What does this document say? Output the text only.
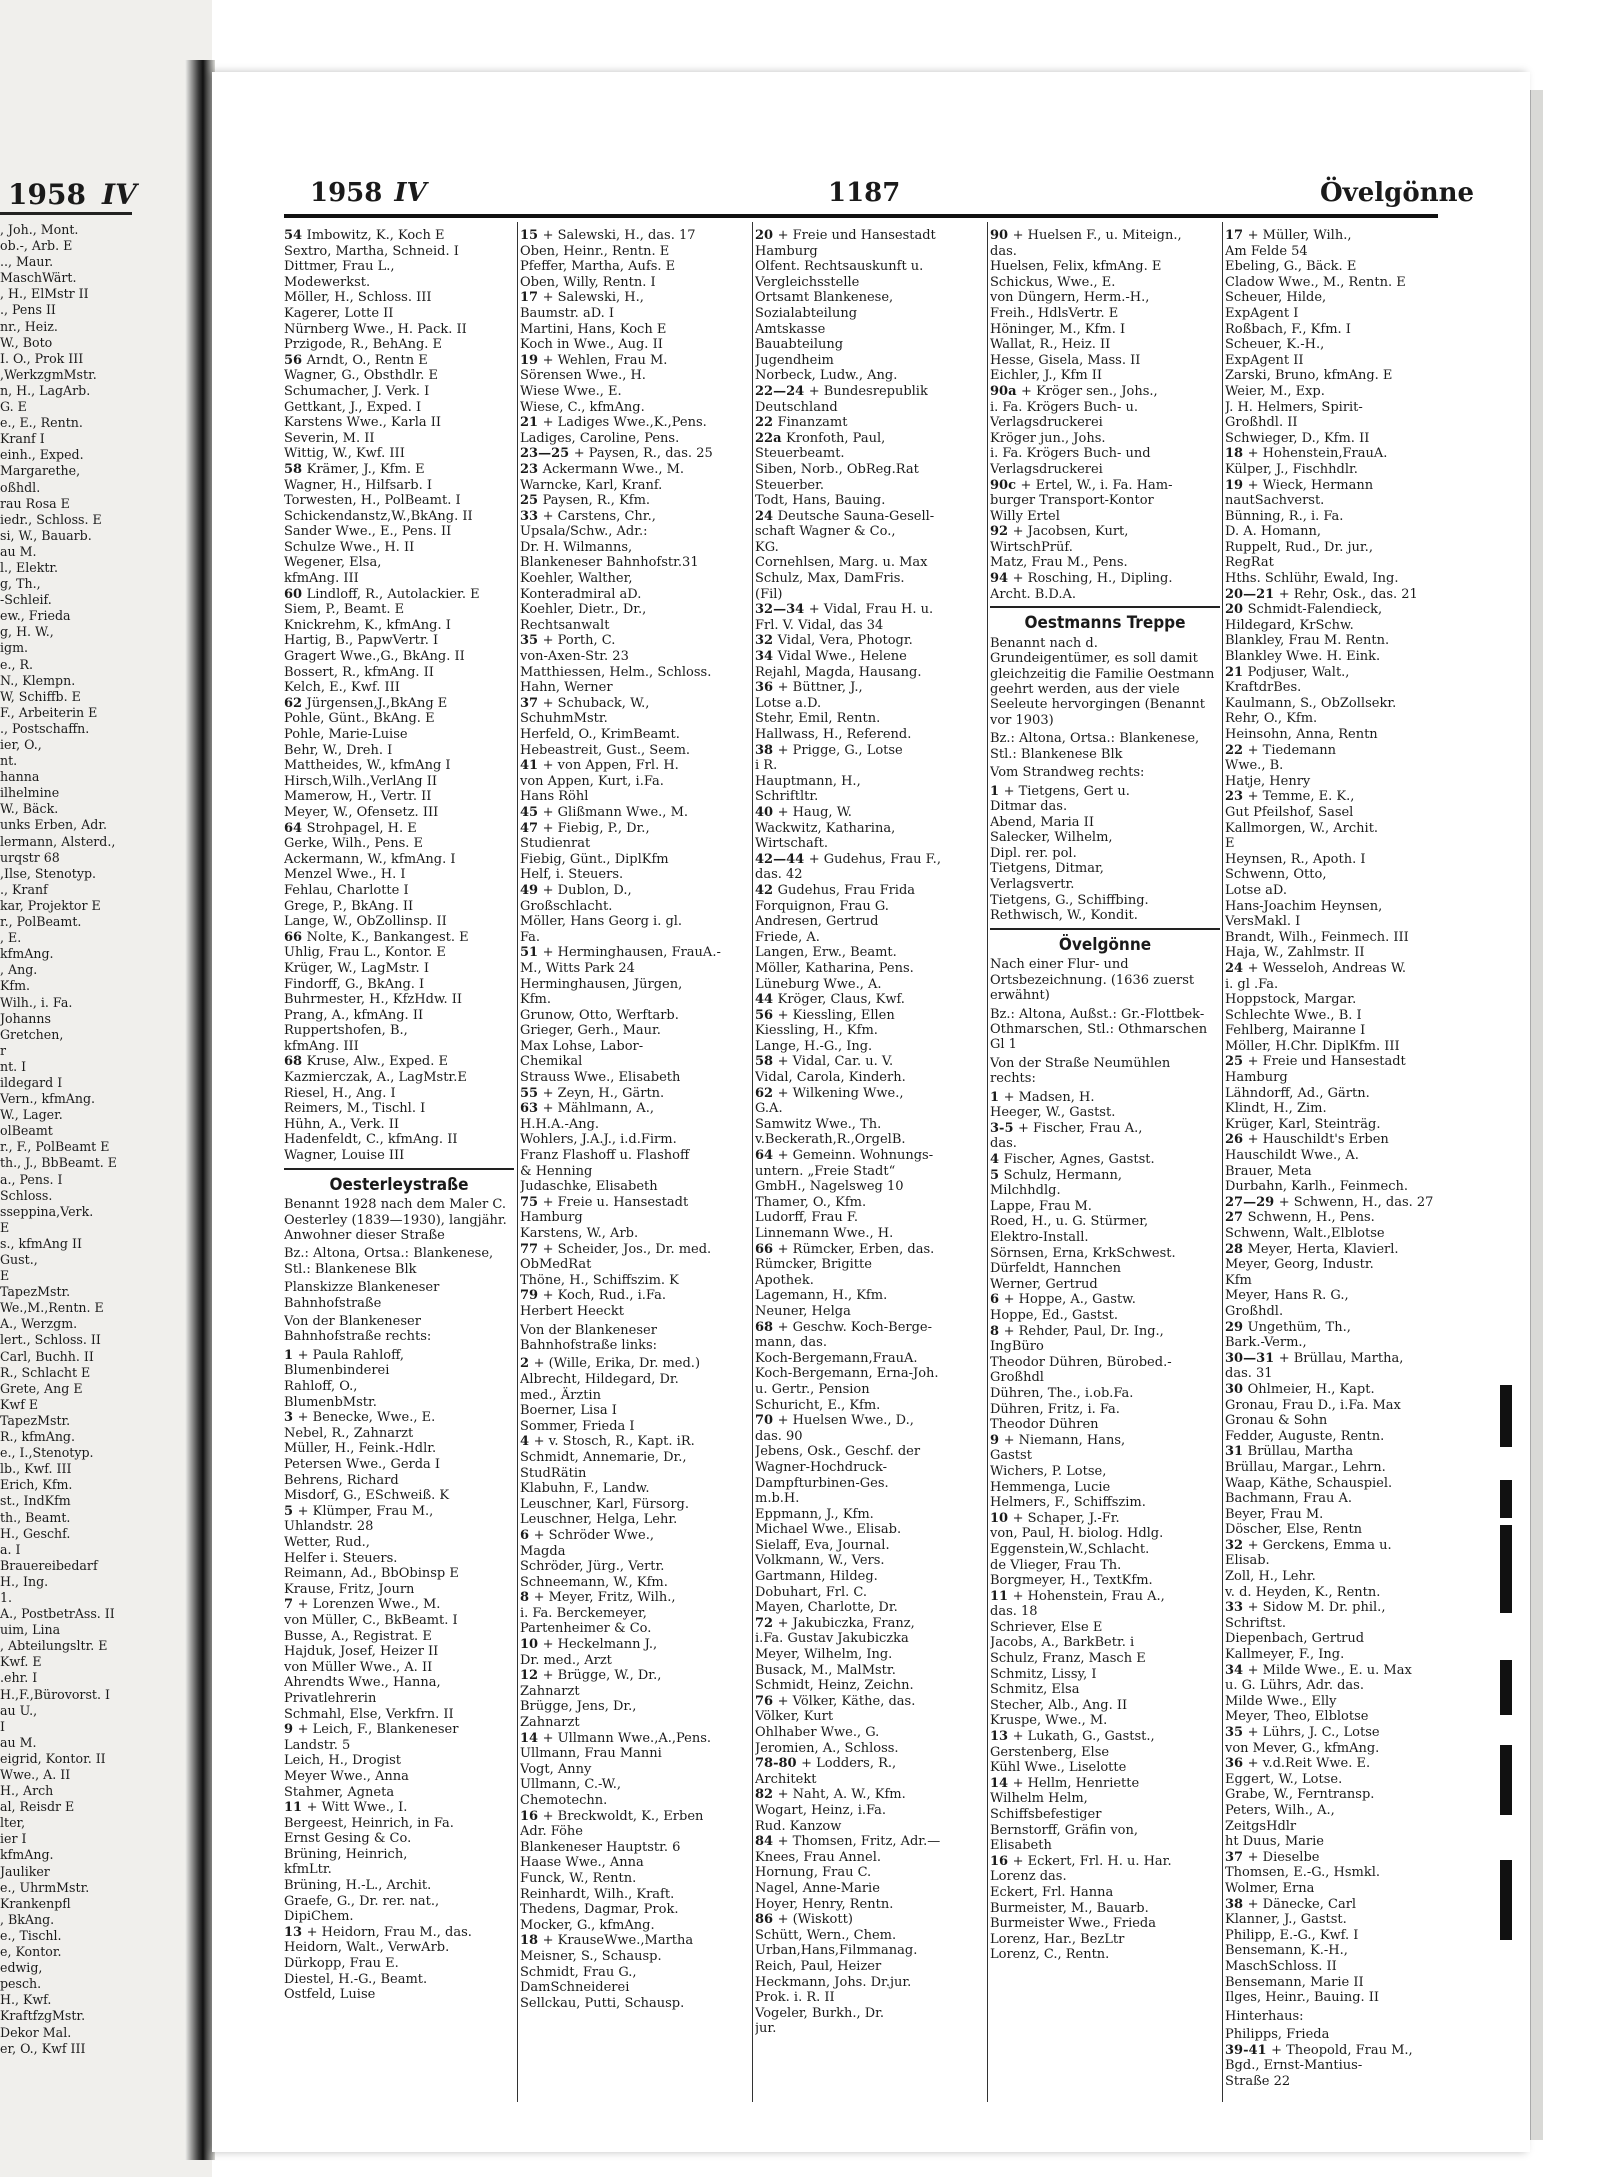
1958 IV
, Joh., Mont.
ob.-, Arb. E
.., Maur.
MaschWärt.
, H., ElMstr II
., Pens II
nr., Heiz.
W., Boto
I. O., Prok III
,WerkzgmMstr.
n, H., LagArb.
G. E
e., E., Rentn.
Kranf I
einh., Exped.
Margarethe,
oßhdl.
rau Rosa E
iedr., Schloss. E
si, W., Bauarb.
au M.
l., Elektr.
g, Th.,
-Schleif.
ew., Frieda
g, H. W.,
igm.
e., R.
N., Klempn.
W, Schiffb. E
F., Arbeiterin E
., Postschaffn.
ier, O.,
nt.
hanna
ilhelmine
W., Bäck.
unks Erben, Adr.
lermann, Alsterd.,
urqstr 68
,Ilse, Stenotyp.
., Kranf
kar, Projektor E
r., PolBeamt.
, E.
kfmAng.
, Ang.
Kfm.
Wilh., i. Fa.
Johanns
Gretchen,
r
nt. I
ildegard I
Vern., kfmAng.
W., Lager.
olBeamt
r., F., PolBeamt E
th., J., BbBeamt. E
a., Pens. I
Schloss.
sseppina,Verk.
E
s., kfmAng II
Gust.,
E
TapezMstr.
We.,M.,Rentn. E
A., Werzgm.
lert., Schloss. II
Carl, Buchh. II
R., Schlacht E
Grete, Ang E
Kwf E
TapezMstr.
R., kfmAng.
e., I.,Stenotyp.
lb., Kwf. III
Erich, Kfm.
st., IndKfm
th., Beamt.
H., Geschf.
a. I
Brauereibedarf
H., Ing.
1.
A., PostbetrAss. II
uim, Lina
, Abteilungsltr. E
Kwf. E
.ehr. I
H.,F.,Bürovorst. I
au U.,
I
au M.
eigrid, Kontor. II
Wwe., A. II
H., Arch
al, Reisdr E
lter,
ier I
kfmAng.
Jauliker
e., UhrmMstr.
Krankenpfl
, BkAng.
e., Tischl.
e, Kontor.
edwig,
pesch.
H., Kwf.
KraftfzgMstr.
Dekor Mal.
er, O., Kwf III
1958 IV	1187	Övelgönne
54 Imbowitz, K., Koch E
Sextro, Martha, Schneid. I
Dittmer, Frau L.,
Modewerkst.
Möller, H., Schloss. III
Kagerer, Lotte II
Nürnberg Wwe., H. Pack. II
Przigode, R., BehAng. E
56 Arndt, O., Rentn E
Wagner, G., Obsthdlr. E
Schumacher, J. Verk. I
Gettkant, J., Exped. I
Karstens Wwe., Karla II
Severin, M. II
Wittig, W., Kwf. III
58 Krämer, J., Kfm. E
Wagner, H., Hilfsarb. I
Torwesten, H., PolBeamt. I
Schickendanstz,W.,BkAng. II
Sander Wwe., E., Pens. II
Schulze Wwe., H. II
Wegener, Elsa,
kfmAng. III
60 Lindloff, R., Autolackier. E
Siem, P., Beamt. E
Knickrehm, K., kfmAng. I
Hartig, B., PapwVertr. I
Gragert Wwe.,G., BkAng. II
Bossert, R., kfmAng. II
Kelch, E., Kwf. III
62 Jürgensen,J.,BkAng E
Pohle, Günt., BkAng. E
Pohle, Marie-Luise
Behr, W., Dreh. I
Mattheides, W., kfmAng I
Hirsch,Wilh.,VerlAng II
Mamerow, H., Vertr. II
Meyer, W., Ofensetz. III
64 Strohpagel, H. E
Gerke, Wilh., Pens. E
Ackermann, W., kfmAng. I
Menzel Wwe., H. I
Fehlau, Charlotte I
Grege, P., BkAng. II
Lange, W., ObZollinsp. II
66 Nolte, K., Bankangest. E
Uhlig, Frau L., Kontor. E
Krüger, W., LagMstr. I
Findorff, G., BkAng. I
Buhrmester, H., KfzHdw. II
Prang, A., kfmAng. II
Ruppertshofen, B.,
kfmAng. III
68 Kruse, Alw., Exped. E
Kazmierczak, A., LagMstr.E
Riesel, H., Ang. I
Reimers, M., Tischl. I
Hühn, A., Verk. II
Hadenfeldt, C., kfmAng. II
Wagner, Louise III
Oesterleystraße

Benannt 1928 nach dem Maler C. Oesterley (1839—1930), langjähr. Anwohner dieser Straße

Bz.: Altona, Ortsa.: Blankenese, Stl.: Blankenese Blk

Planskizze Blankeneser Bahnhofstraße

Von der Blankeneser Bahnhofstraße rechts:

1 + Paula Rahloff,
Blumenbinderei
Rahloff, O.,
BlumenbMstr.
3 + Benecke, Wwe., E.
Nebel, R., Zahnarzt
Müller, H., Feink.-Hdlr.
Petersen Wwe., Gerda I
Behrens, Richard
Misdorf, G., ESchweiß. K
5 + Klümper, Frau M.,
Uhlandstr. 28
Wetter, Rud.,
Helfer i. Steuers.
Reimann, Ad., BbObinsp E
Krause, Fritz, Journ
7 + Lorenzen Wwe., M.
von Müller, C., BkBeamt. I
Busse, A., Registrat. E
Hajduk, Josef, Heizer II
von Müller Wwe., A. II
Ahrendts Wwe., Hanna,
Privatlehrerin
Schmahl, Else, Verkfrn. II
9 + Leich, F., Blankeneser
Landstr. 5
Leich, H., Drogist
Meyer Wwe., Anna
Stahmer, Agneta
11 + Witt Wwe., I.
Bergeest, Heinrich, in Fa.
Ernst Gesing & Co.
Brüning, Heinrich,
kfmLtr.
Brüning, H.-L., Archit.
Graefe, G., Dr. rer. nat.,
DipiChem.
13 + Heidorn, Frau M., das.
Heidorn, Walt., VerwArb.
Dürkopp, Frau E.
Diestel, H.-G., Beamt.
Ostfeld, Luise
15 + Salewski, H., das. 17
Oben, Heinr., Rentn. E
Pfeffer, Martha, Aufs. E
Oben, Willy, Rentn. I
17 + Salewski, H.,
Baumstr. aD. I
Martini, Hans, Koch E
Koch in Wwe., Aug. II
19 + Wehlen, Frau M.
Sörensen Wwe., H.
Wiese Wwe., E.
Wiese, C., kfmAng.
21 + Ladiges Wwe.,K.,Pens.
Ladiges, Caroline, Pens.
23—25 + Paysen, R., das. 25
23 Ackermann Wwe., M.
Warncke, Karl, Kranf.
25 Paysen, R., Kfm.
33 + Carstens, Chr.,
Upsala/Schw., Adr.:
Dr. H. Wilmanns,
Blankeneser Bahnhofstr.31
Koehler, Walther,
Konteradmiral aD.
Koehler, Dietr., Dr.,
Rechtsanwalt
35 + Porth, C.
von-Axen-Str. 23
Matthiessen, Helm., Schloss.
Hahn, Werner
37 + Schuback, W.,
SchuhmMstr.
Herfeld, O., KrimBeamt.
Hebeastreit, Gust., Seem.
41 + von Appen, Frl. H.
von Appen, Kurt, i.Fa.
Hans Röhl
45 + Glißmann Wwe., M.
47 + Fiebig, P., Dr.,
Studienrat
Fiebig, Günt., DiplKfm
Helf, i. Steuers.
49 + Dublon, D.,
Großschlacht.
Möller, Hans Georg i. gl.
Fa.
51 + Herminghausen, FrauA.-
M., Witts Park 24
Herminghausen, Jürgen,
Kfm.
Grunow, Otto, Werftarb.
Grieger, Gerh., Maur.
Max Lohse, Labor-
Chemikal
Strauss Wwe., Elisabeth
55 + Zeyn, H., Gärtn.
63 + Mählmann, A.,
H.H.A.-Ang.
Wohlers, J.A.J., i.d.Firm.
Franz Flashoff u. Flashoff
& Henning
Judaschke, Elisabeth
75 + Freie u. Hansestadt
Hamburg
Karstens, W., Arb.
77 + Scheider, Jos., Dr. med.
ObMedRat
Thöne, H., Schiffszim. K
79 + Koch, Rud., i.Fa.
Herbert Heeckt

Von der Blankeneser Bahnhofstraße links:

2 + (Wille, Erika, Dr. med.)
Albrecht, Hildegard, Dr.
med., Ärztin
Boerner, Lisa I
Sommer, Frieda I
4 + v. Stosch, R., Kapt. iR.
Schmidt, Annemarie, Dr.,
StudRätin
Klabuhn, F., Landw.
Leuschner, Karl, Fürsorg.
Leuschner, Helga, Lehr.
6 + Schröder Wwe.,
Magda
Schröder, Jürg., Vertr.
Schneemann, W., Kfm.
8 + Meyer, Fritz, Wilh.,
i. Fa. Berckemeyer,
Partenheimer & Co.
10 + Heckelmann J.,
Dr. med., Arzt
12 + Brügge, W., Dr.,
Zahnarzt
Brügge, Jens, Dr.,
Zahnarzt
14 + Ullmann Wwe.,A.,Pens.
Ullmann, Frau Manni
Vogt, Anny
Ullmann, C.-W.,
Chemotechn.
16 + Breckwoldt, K., Erben
Adr. Föhe
Blankeneser Hauptstr. 6
Haase Wwe., Anna
Funck, W., Rentn.
Reinhardt, Wilh., Kraft.
Thedens, Dagmar, Prok.
Mocker, G., kfmAng.
18 + KrauseWwe.,Martha
Meisner, S., Schausp.
Schmidt, Frau G.,
DamSchneiderei
Sellckau, Putti, Schausp.
20 + Freie und Hansestadt
Hamburg
Olfent. Rechtsauskunft u.
Vergleichsstelle
Ortsamt Blankenese,
Sozialabteilung
Amtskasse
Bauabteilung
Jugendheim
Norbeck, Ludw., Ang.
22—24 + Bundesrepublik
Deutschland
22 Finanzamt
22a Kronfoth, Paul,
Steuerbeamt.
Siben, Norb., ObReg.Rat
Steuerber.
Todt, Hans, Bauing.
24 Deutsche Sauna-Gesell-
schaft Wagner & Co.,
KG.
Cornehlsen, Marg. u. Max
Schulz, Max, DamFris.
(Fil)
32—34 + Vidal, Frau H. u.
Frl. V. Vidal, das 34
32 Vidal, Vera, Photogr.
34 Vidal Wwe., Helene
Rejahl, Magda, Hausang.
36 + Büttner, J.,
Lotse a.D.
Stehr, Emil, Rentn.
Hallwass, H., Referend.
38 + Prigge, G., Lotse
i R.
Hauptmann, H.,
Schriftltr.
40 + Haug, W.
Wackwitz, Katharina,
Wirtschaft.
42—44 + Gudehus, Frau F.,
das. 42
42 Gudehus, Frau Frida
Forquignon, Frau G.
Andresen, Gertrud
Friede, A.
Langen, Erw., Beamt.
Möller, Katharina, Pens.
Lüneburg Wwe., A.
44 Kröger, Claus, Kwf.
56 + Kiessling, Ellen
Kiessling, H., Kfm.
Lange, H.-G., Ing.
58 + Vidal, Car. u. V.
Vidal, Carola, Kinderh.
62 + Wilkening Wwe.,
G.A.
Samwitz Wwe., Th.
v.Beckerath,R.,OrgelB.
64 + Gemeinn. Wohnungs-
untern. „Freie Stadt“
GmbH., Nagelsweg 10
Thamer, O., Kfm.
Ludorff, Frau F.
Linnemann Wwe., H.
66 + Rümcker, Erben, das.
Rümcker, Brigitte
Apothek.
Lagemann, H., Kfm.
Neuner, Helga
68 + Geschw. Koch-Berge-
mann, das.
Koch-Bergemann,FrauA.
Koch-Bergemann, Erna-Joh.
u. Gertr., Pension
Schuricht, E., Kfm.
70 + Huelsen Wwe., D.,
das. 90
Jebens, Osk., Geschf. der
Wagner-Hochdruck-
Dampfturbinen-Ges.
m.b.H.
Eppmann, J., Kfm.
Michael Wwe., Elisab.
Sielaff, Eva, Journal.
Volkmann, W., Vers.
Gartmann, Hildeg.
Dobuhart, Frl. C.
Mayen, Charlotte, Dr.
72 + Jakubiczka, Franz,
i.Fa. Gustav Jakubiczka
Meyer, Wilhelm, Ing.
Busack, M., MalMstr.
Schmidt, Heinz, Zeichn.
76 + Völker, Käthe, das.
Völker, Kurt
Ohlhaber Wwe., G.
Jeromien, A., Schloss.
78-80 + Lodders, R.,
Architekt
82 + Naht, A. W., Kfm.
Wogart, Heinz, i.Fa.
Rud. Kanzow
84 + Thomsen, Fritz, Adr.—
Knees, Frau Annel.
Hornung, Frau C.
Nagel, Anne-Marie
Hoyer, Henry, Rentn.
86 + (Wiskott)
Schütt, Wern., Chem.
Urban,Hans,Filmmanag.
Reich, Paul, Heizer
Heckmann, Johs. Dr.jur.
Prok. i. R. II
Vogeler, Burkh., Dr.
jur.
90 + Huelsen F., u. Miteign.,
das.
Huelsen, Felix, kfmAng. E
Schickus, Wwe., E.
von Düngern, Herm.-H.,
Freih., HdlsVertr. E
Höninger, M., Kfm. I
Wallat, R., Heiz. II
Hesse, Gisela, Mass. II
Eichler, J., Kfm II
90a + Kröger sen., Johs.,
i. Fa. Krögers Buch- u.
Verlagsdruckerei
Kröger jun., Johs.
i. Fa. Krögers Buch- und
Verlagsdruckerei
90c + Ertel, W., i. Fa. Ham-
burger Transport-Kontor
Willy Ertel
92 + Jacobsen, Kurt,
WirtschPrüf.
Matz, Frau M., Pens.
94 + Rosching, H., Dipling.
Archt. B.D.A.
Oestmanns Treppe

Benannt nach d. Grundeigentümer, es soll damit gleichzeitig die Familie Oestmann geehrt werden, aus der viele Seeleute hervorgingen (Benannt vor 1903)

Bz.: Altona, Ortsa.: Blankenese, Stl.: Blankenese Blk

Vom Strandweg rechts:

1 + Tietgens, Gert u.
Ditmar das.
Abend, Maria II
Salecker, Wilhelm,
Dipl. rer. pol.
Tietgens, Ditmar,
Verlagsvertr.
Tietgens, G., Schiffbing.
Rethwisch, W., Kondit.
Övelgönne

Nach einer Flur- und Ortsbezeichnung. (1636 zuerst erwähnt)

Bz.: Altona, Außst.: Gr.-Flottbek-Othmarschen, Stl.: Othmarschen Gl 1

Von der Straße Neumühlen rechts:

1 + Madsen, H.
Heeger, W., Gastst.
3-5 + Fischer, Frau A.,
das.
4 Fischer, Agnes, Gastst.
5 Schulz, Hermann,
Milchhdlg.
Lappe, Frau M.
Roed, H., u. G. Stürmer,
Elektro-Install.
Sörnsen, Erna, KrkSchwest.
Dürfeldt, Hannchen
Werner, Gertrud
6 + Hoppe, A., Gastw.
Hoppe, Ed., Gastst.
8 + Rehder, Paul, Dr. Ing.,
IngBüro
Theodor Dühren, Bürobed.-
Großhdl
Dühren, The., i.ob.Fa.
Dühren, Fritz, i. Fa.
Theodor Dühren
9 + Niemann, Hans,
Gastst
Wichers, P. Lotse,
Hemmenga, Lucie
Helmers, F., Schiffszim.
10 + Schaper, J.-Fr.
von, Paul, H. biolog. Hdlg.
Eggenstein,W.,Schlacht.
de Vlieger, Frau Th.
Borgmeyer, H., TextKfm.
11 + Hohenstein, Frau A.,
das. 18
Schriever, Else E
Jacobs, A., BarkBetr. i
Schulz, Franz, Masch E
Schmitz, Lissy, I
Schmitz, Elsa
Stecher, Alb., Ang. II
Kruspe, Wwe., M.
13 + Lukath, G., Gastst.,
Gerstenberg, Else
Kühl Wwe., Liselotte
14 + Hellm, Henriette
Wilhelm Helm,
Schiffsbefestiger
Bernstorff, Gräfin von,
Elisabeth
16 + Eckert, Frl. H. u. Har.
Lorenz das.
Eckert, Frl. Hanna
Burmeister, M., Bauarb.
Burmeister Wwe., Frieda
Lorenz, Har., BezLtr
Lorenz, C., Rentn.
17 + Müller, Wilh.,
Am Felde 54
Ebeling, G., Bäck. E
Cladow Wwe., M., Rentn. E
Scheuer, Hilde,
ExpAgent I
Roßbach, F., Kfm. I
Scheuer, K.-H.,
ExpAgent II
Zarski, Bruno, kfmAng. E
Weier, M., Exp.
J. H. Helmers, Spirit-
Großhdl. II
Schwieger, D., Kfm. II
18 + Hohenstein,FrauA.
Külper, J., Fischhdlr.
19 + Wieck, Hermann
nautSachverst.
Bünning, R., i. Fa.
D. A. Homann,
Ruppelt, Rud., Dr. jur.,
RegRat
Hths. Schlühr, Ewald, Ing.
20—21 + Rehr, Osk., das. 21
20 Schmidt-Falendieck,
Hildegard, KrSchw.
Blankley, Frau M. Rentn.
Blankley Wwe. H. Eink.
21 Podjuser, Walt.,
KraftdrBes.
Kaulmann, S., ObZollsekr.
Rehr, O., Kfm.
Heinsohn, Anna, Rentn
22 + Tiedemann
Wwe., B.
Hatje, Henry
23 + Temme, E. K.,
Gut Pfeilshof, Sasel
Kallmorgen, W., Archit.
E
Heynsen, R., Apoth. I
Schwenn, Otto,
Lotse aD.
Hans-Joachim Heynsen,
VersMakl. I
Brandt, Wilh., Feinmech. III
Haja, W., Zahlmstr. II
24 + Wesseloh, Andreas W.
i. gl .Fa.
Hoppstock, Margar.
Schlechte Wwe., B. I
Fehlberg, Mairanne I
Möller, H.Chr. DiplKfm. III
25 + Freie und Hansestadt
Hamburg
Lähndorff, Ad., Gärtn.
Klindt, H., Zim.
Krüger, Karl, Steinträg.
26 + Hauschildt's Erben
Hauschildt Wwe., A.
Brauer, Meta
Durbahn, Karlh., Feinmech.
27—29 + Schwenn, H., das. 27
27 Schwenn, H., Pens.
Schwenn, Walt.,Elblotse
28 Meyer, Herta, Klavierl.
Meyer, Georg, Industr.
Kfm
Meyer, Hans R. G.,
Großhdl.
29 Ungethüm, Th.,
Bark.-Verm.,
30—31 + Brüllau, Martha,
das. 31
30 Ohlmeier, H., Kapt.
Gronau, Frau D., i.Fa. Max
Gronau & Sohn
Fedder, Auguste, Rentn.
31 Brüllau, Martha
Brüllau, Margar., Lehrn.
Waap, Käthe, Schauspiel.
Bachmann, Frau A.
Beyer, Frau M.
Döscher, Else, Rentn
32 + Gerckens, Emma u.
Elisab.
Zoll, H., Lehr.
v. d. Heyden, K., Rentn.
33 + Sidow M. Dr. phil.,
Schriftst.
Diepenbach, Gertrud
Kallmeyer, F., Ing.
34 + Milde Wwe., E. u. Max
u. G. Lührs, Adr. das.
Milde Wwe., Elly
Meyer, Theo, Elblotse
35 + Lührs, J. C., Lotse
von Mever, G., kfmAng.
36 + v.d.Reit Wwe. E.
Eggert, W., Lotse.
Grabe, W., Ferntransp.
Peters, Wilh., A.,
ZeitgsHdlr
ht Duus, Marie
37 + Dieselbe
Thomsen, E.-G., Hsmkl.
Wolmer, Erna
38 + Dänecke, Carl
Klanner, J., Gastst.
Philipp, E.-G., Kwf. I
Bensemann, K.-H.,
MaschSchloss. II
Bensemann, Marie II
Ilges, Heinr., Bauing. II

Hinterhaus:

Philipps, Frieda
39-41 + Theopold, Frau M.,
Bgd., Ernst-Mantius-
Straße 22
